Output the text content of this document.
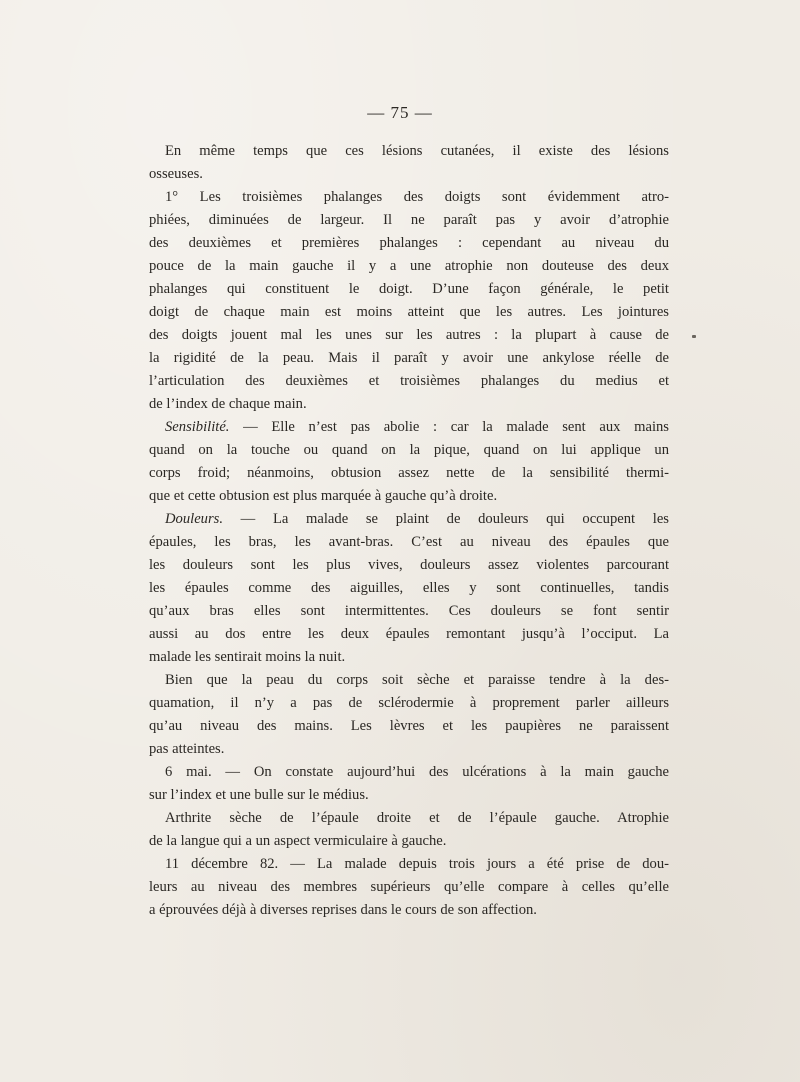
— 75 —
En même temps que ces lésions cutanées, il existe des lésions
osseuses.
1° Les troisièmes phalanges des doigts sont évidemment atro-
phiées, diminuées de largeur. Il ne paraît pas y avoir d’atrophie
des deuxièmes et premières phalanges : cependant au niveau du
pouce de la main gauche il y a une atrophie non douteuse des deux
phalanges qui constituent le doigt. D’une façon générale, le petit
doigt de chaque main est moins atteint que les autres. Les jointures
des doigts jouent mal les unes sur les autres : la plupart à cause de
la rigidité de la peau. Mais il paraît y avoir une ankylose réelle de
l’articulation des deuxièmes et troisièmes phalanges du medius et
de l’index de chaque main.
Sensibilité. — Elle n’est pas abolie : car la malade sent aux mains
quand on la touche ou quand on la pique, quand on lui applique un
corps froid; néanmoins, obtusion assez nette de la sensibilité thermi-
que et cette obtusion est plus marquée à gauche qu’à droite.
Douleurs. — La malade se plaint de douleurs qui occupent les
épaules, les bras, les avant-bras. C’est au niveau des épaules que
les douleurs sont les plus vives, douleurs assez violentes parcourant
les épaules comme des aiguilles, elles y sont continuelles, tandis
qu’aux bras elles sont intermittentes. Ces douleurs se font sentir
aussi au dos entre les deux épaules remontant jusqu’à l’occiput. La
malade les sentirait moins la nuit.
Bien que la peau du corps soit sèche et paraisse tendre à la des-
quamation, il n’y a pas de sclérodermie à proprement parler ailleurs
qu’au niveau des mains. Les lèvres et les paupières ne paraissent
pas atteintes.
6 mai. — On constate aujourd’hui des ulcérations à la main gauche
sur l’index et une bulle sur le médius.
Arthrite sèche de l’épaule droite et de l’épaule gauche. Atrophie
de la langue qui a un aspect vermiculaire à gauche.
11 décembre 82. — La malade depuis trois jours a été prise de dou-
leurs au niveau des membres supérieurs qu’elle compare à celles qu’elle
a éprouvées déjà à diverses reprises dans le cours de son affection.
